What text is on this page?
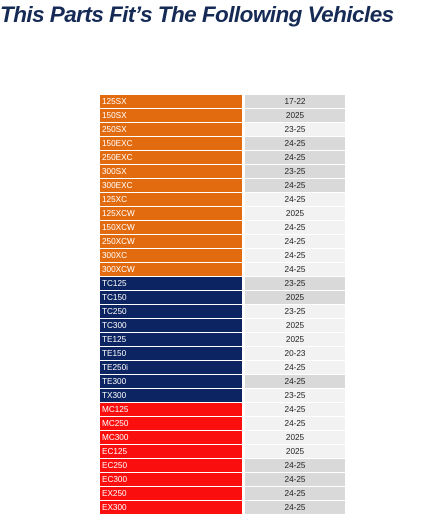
This Parts Fit’s The Following Vehicles
125SX		17-22
150SX		2025
250SX		23-25
150EXC		24-25
250EXC		24-25
300SX		23-25
300EXC		24-25
125XC		24-25
125XCW		2025
150XCW		24-25
250XCW		24-25
300XC		24-25
300XCW		24-25
TC125		23-25
TC150		2025
TC250		23-25
TC300		2025
TE125		2025
TE150		20-23
TE250i		24-25
TE300		24-25
TX300		23-25
MC125		24-25
MC250		24-25
MC300		2025
EC125		2025
EC250		24-25
EC300		24-25
EX250		24-25
EX300		24-25
